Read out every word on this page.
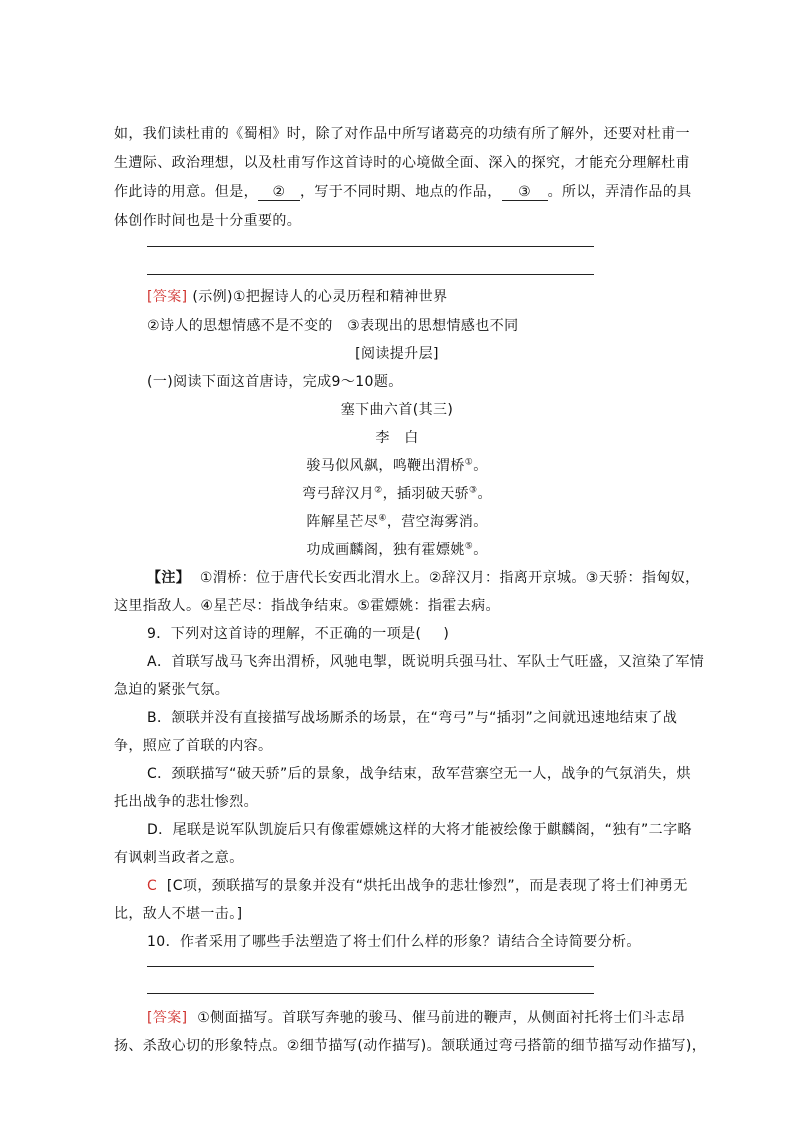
如，我们读杜甫的《蜀相》时，除了对作品中所写诸葛亮的功绩有所了解外，还要对杜甫一
生遭际、政治理想，以及杜甫写作这首诗时的心境做全面、深入的探究，才能充分理解杜甫
作此诗的用意。但是， ② ，写于不同时期、地点的作品， ③ 。所以，弄清作品的具
体创作时间也是十分重要的。
[答案] (示例)①把握诗人的心灵历程和精神世界
②诗人的思想情感不是不变的　③表现出的思想情感也不同
[阅读提升层]
(一)阅读下面这首唐诗，完成9～10题。
塞下曲六首(其三)
李　白
骏马似风飙，鸣鞭出渭桥①。
弯弓辞汉月②，插羽破天骄③。
阵解星芒尽④，营空海雾消。
功成画麟阁，独有霍嫖姚⑤。
【注】 ①渭桥：位于唐代长安西北渭水上。②辞汉月：指离开京城。③天骄：指匈奴，
这里指敌人。④星芒尽：指战争结束。⑤霍嫖姚：指霍去病。
9．下列对这首诗的理解，不正确的一项是( )
A．首联写战马飞奔出渭桥，风驰电掣，既说明兵强马壮、军队士气旺盛，又渲染了军情
急迫的紧张气氛。
B．颔联并没有直接描写战场厮杀的场景，在“弯弓”与“插羽”之间就迅速地结束了战
争，照应了首联的内容。
C．颈联描写“破天骄”后的景象，战争结束，敌军营寨空无一人，战争的气氛消失，烘
托出战争的悲壮惨烈。
D．尾联是说军队凯旋后只有像霍嫖姚这样的大将才能被绘像于麒麟阁，“独有”二字略
有讽刺当政者之意。
C [C项，颈联描写的景象并没有“烘托出战争的悲壮惨烈”，而是表现了将士们神勇无
比，敌人不堪一击。]
10．作者采用了哪些手法塑造了将士们什么样的形象？请结合全诗简要分析。
[答案] ①侧面描写。首联写奔驰的骏马、催马前进的鞭声，从侧面衬托将士们斗志昂
扬、杀敌心切的形象特点。②细节描写(动作描写)。颔联通过弯弓搭箭的细节描写动作描写)，
